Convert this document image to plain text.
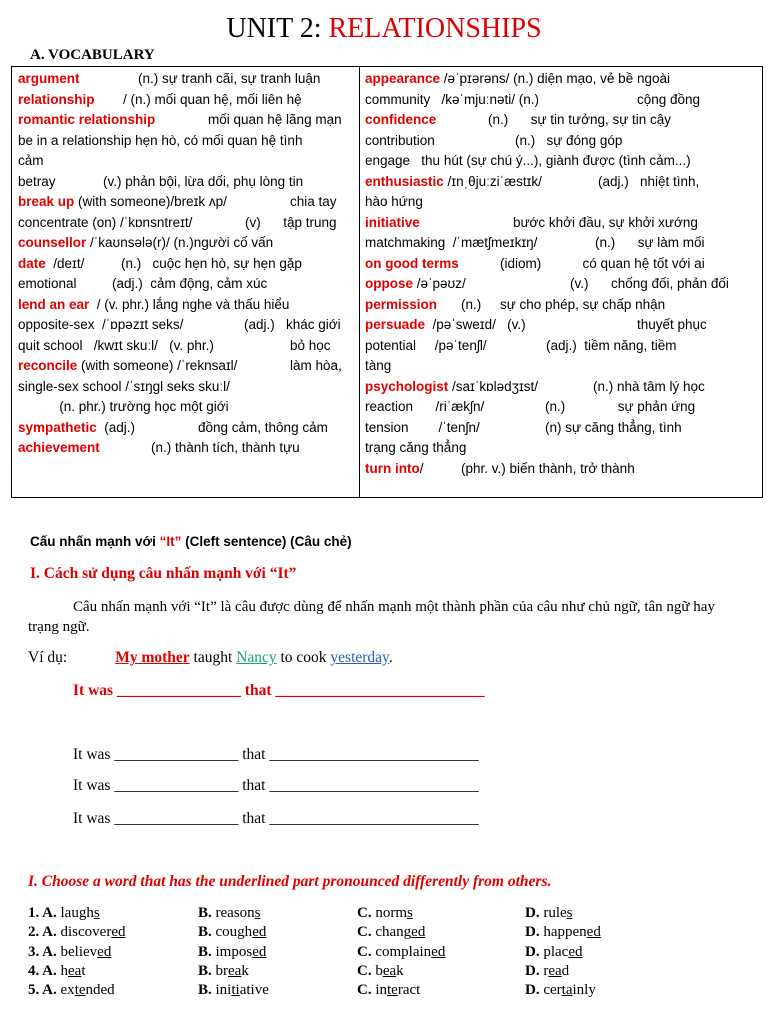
UNIT 2: RELATIONSHIPS
A. VOCABULARY
argument	(n.) sự tranh cãi, sự tranh luận
relationship / (n.) mối quan hệ, mối liên hệ
romantic relationship	mối quan hệ lãng mạn
be in a relationship hẹn hò, có mối quan hệ tình
cảm
betray	(v.) phản bội, lừa dối, phụ lòng tin
break up (with someone)/breɪk ʌp/	chia tay
concentrate (on) /ˈkɒnsntreɪt/	(v)      tập trung
counsellor /ˈkaʊnsələ(r)/ (n.)người cố vấn
date  /deɪt/	(n.)   cuộc hẹn hò, sự hẹn gặp
emotional	(adj.)  cảm động, cảm xúc
lend an ear  / (v. phr.) lắng nghe và thấu hiểu
opposite-sex  /ˈɒpəzɪt seks/	(adj.)   khác giới
quit school   /kwɪt skuːl/   (v. phr.)	bỏ học
reconcile (with someone) /ˈreknsaɪl/	làm hòa,
single-sex school /ˈsɪŋgl seks skuːl/
(n. phr.) trường học một giới
sympathetic  (adj.)	đồng cảm, thông cảm
achievement	(n.) thành tích, thành tựu
appearance /əˈpɪərəns/ (n.) diện mạo, vẻ bề ngoài
community   /kəˈmjuːnəti/ (n.)	cộng đồng
confidence	(n.)      sự tin tưởng, sự tin cậy
contribution	(n.)   sự đóng góp
engage   thu hút (sự chú ý...), giành được (tình cảm...)
enthusiastic /ɪnˌθjuːziˈæstɪk/	(adj.)   nhiệt tình,
hào hứng
initiative	bước khởi đầu, sự khởi xướng
matchmaking  /ˈmætʃmeɪkɪŋ/	(n.)      sự làm mối
on good terms	(idiom)           có quan hệ tốt với ai
oppose /əˈpəʊz/	(v.)      chống đối, phản đối
permission (n.)     sự cho phép, sự chấp nhận
persuade  /pəˈsweɪd/   (v.)	thuyết phục
potential     /pəˈtenʃl/	(adj.)  tiềm năng, tiềm
tàng
psychologist /saɪˈkɒlədʒɪst/	(n.) nhà tâm lý học
reaction      /riˈækʃn/	(n.)              sự phản ứng
tension        /ˈtenʃn/	(n) sự căng thẳng, tình
trạng căng thẳng
turn into/	(phr. v.) biến thành, trở thành
Cấu nhấn mạnh với “It” (Cleft sentence) (Câu chẻ)
I. Cách sử dụng câu nhấn mạnh với “It”
Câu nhấn mạnh với “It” là câu được dùng để nhấn mạnh một thành phần của câu như chủ ngữ, tân ngữ hay trạng ngữ.
Ví dụ:	My mother taught Nancy to cook yesterday.
It was ________________ that ___________________________
It was ________________ that ___________________________
It was ________________ that ___________________________
It was ________________ that ___________________________
I. Choose a word that has the underlined part pronounced differently from others.
1. A. laughs	B. reasons	C. norms	D. rules
2. A. discovered	B. coughed	C. changed	D. happened
3. A. believed	B. imposed	C. complained	D. placed
4. A. heat	B. break	C. beak	D. read
5. A. extended	B. initiative	C. interact	D. certainly
